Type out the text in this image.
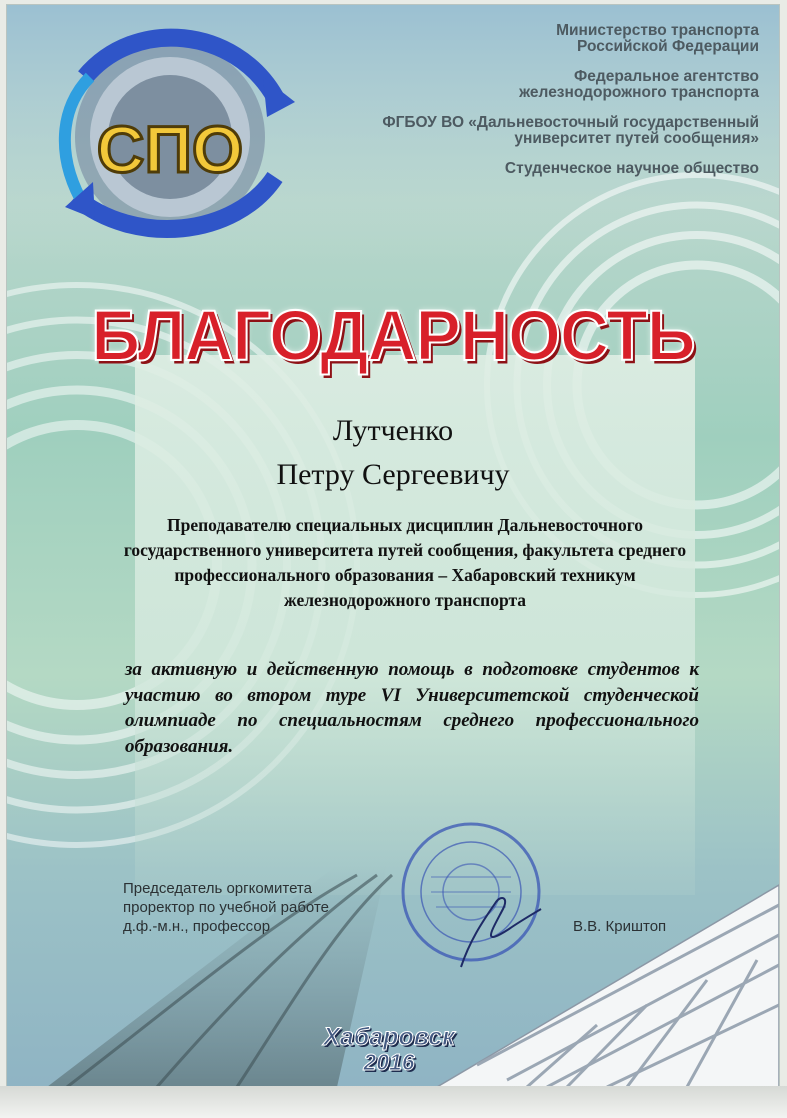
СПО
Министерство транспорта
Российской Федерации
Федеральное агентство
железнодорожного транспорта
ФГБОУ ВО «Дальневосточный государственный
университет путей сообщения»
Студенческое научное общество
БЛАГОДАРНОСТЬ
Лутченко
Петру Сергеевичу
Преподавателю специальных дисциплин Дальневосточного государственного университета путей сообщения, факультета среднего профессионального образования – Хабаровский техникум железнодорожного транспорта
за активную и действенную помощь в подготовке студентов к участию во втором туре VI Университетской студенческой олимпиаде по специальностям среднего профессионального образования.
Председатель оргкомитета
проректор по учебной работе
д.ф.-м.н., профессор	В.В. Криштоп
Хабаровск
2016
